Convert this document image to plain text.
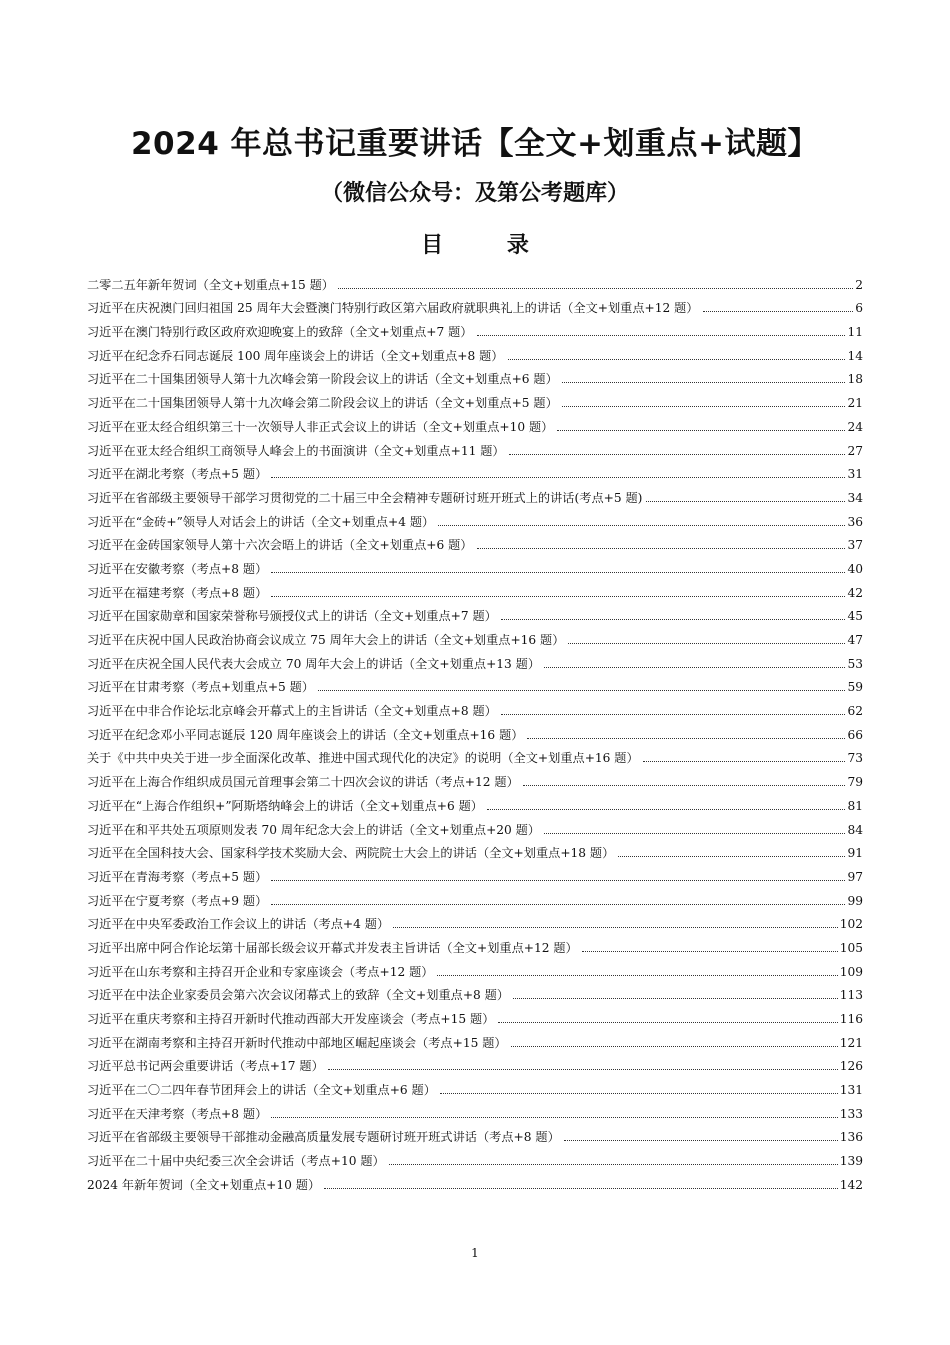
2024 年总书记重要讲话【全文+划重点+试题】
（微信公众号：及第公考题库）
目 录
二零二五年新年贺词（全文+划重点+15 题）	2
习近平在庆祝澳门回归祖国 25 周年大会暨澳门特别行政区第六届政府就职典礼上的讲话（全文+划重点+12 题）	6
习近平在澳门特别行政区政府欢迎晚宴上的致辞（全文+划重点+7 题）	11
习近平在纪念乔石同志诞辰 100 周年座谈会上的讲话（全文+划重点+8 题）	14
习近平在二十国集团领导人第十九次峰会第一阶段会议上的讲话（全文+划重点+6 题）	18
习近平在二十国集团领导人第十九次峰会第二阶段会议上的讲话（全文+划重点+5 题）	21
习近平在亚太经合组织第三十一次领导人非正式会议上的讲话（全文+划重点+10 题）	24
习近平在亚太经合组织工商领导人峰会上的书面演讲（全文+划重点+11 题）	27
习近平在湖北考察（考点+5 题）	31
习近平在省部级主要领导干部学习贯彻党的二十届三中全会精神专题研讨班开班式上的讲话(考点+5 题)	34
习近平在“金砖+”领导人对话会上的讲话（全文+划重点+4 题）	36
习近平在金砖国家领导人第十六次会晤上的讲话（全文+划重点+6 题）	37
习近平在安徽考察（考点+8 题）	40
习近平在福建考察（考点+8 题）	42
习近平在国家勋章和国家荣誉称号颁授仪式上的讲话（全文+划重点+7 题）	45
习近平在庆祝中国人民政治协商会议成立 75 周年大会上的讲话（全文+划重点+16 题）	47
习近平在庆祝全国人民代表大会成立 70 周年大会上的讲话（全文+划重点+13 题）	53
习近平在甘肃考察（考点+划重点+5 题）	59
习近平在中非合作论坛北京峰会开幕式上的主旨讲话（全文+划重点+8 题）	62
习近平在纪念邓小平同志诞辰 120 周年座谈会上的讲话（全文+划重点+16 题）	66
关于《中共中央关于进一步全面深化改革、推进中国式现代化的决定》的说明（全文+划重点+16 题）	73
习近平在上海合作组织成员国元首理事会第二十四次会议的讲话（考点+12 题）	79
习近平在“上海合作组织+”阿斯塔纳峰会上的讲话（全文+划重点+6 题）	81
习近平在和平共处五项原则发表 70 周年纪念大会上的讲话（全文+划重点+20 题）	84
习近平在全国科技大会、国家科学技术奖励大会、两院院士大会上的讲话（全文+划重点+18 题）	91
习近平在青海考察（考点+5 题）	97
习近平在宁夏考察（考点+9 题）	99
习近平在中央军委政治工作会议上的讲话（考点+4 题）	102
习近平出席中阿合作论坛第十届部长级会议开幕式并发表主旨讲话（全文+划重点+12 题）	105
习近平在山东考察和主持召开企业和专家座谈会（考点+12 题）	109
习近平在中法企业家委员会第六次会议闭幕式上的致辞（全文+划重点+8 题）	113
习近平在重庆考察和主持召开新时代推动西部大开发座谈会（考点+15 题）	116
习近平在湖南考察和主持召开新时代推动中部地区崛起座谈会（考点+15 题）	121
习近平总书记两会重要讲话（考点+17 题）	126
习近平在二〇二四年春节团拜会上的讲话（全文+划重点+6 题）	131
习近平在天津考察（考点+8 题）	133
习近平在省部级主要领导干部推动金融高质量发展专题研讨班开班式讲话（考点+8 题）	136
习近平在二十届中央纪委三次全会讲话（考点+10 题）	139
2024 年新年贺词（全文+划重点+10 题）	142
1
